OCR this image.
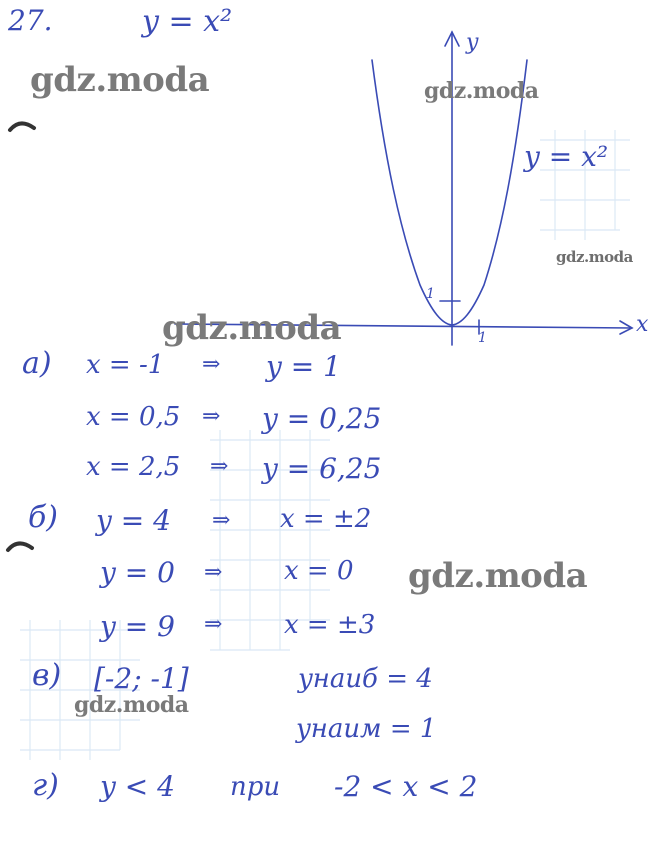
27.	y = x²
y
x
y = x²
1
1
а) x = -1 ⇒ y = 1
x = 0,5 ⇒ y = 0,25
x = 2,5 ⇒ y = 6,25
б) y = 4 ⇒ x = ±2
y = 0 ⇒ x = 0
y = 9 ⇒ x = ±3
в) [-2; -1]	yнаиб = 4
yнаим = 1
г) y < 4 при -2 < x < 2
gdz.moda	gdz.moda
gdz.moda
gdz.moda
gdz.moda
gdz.moda
